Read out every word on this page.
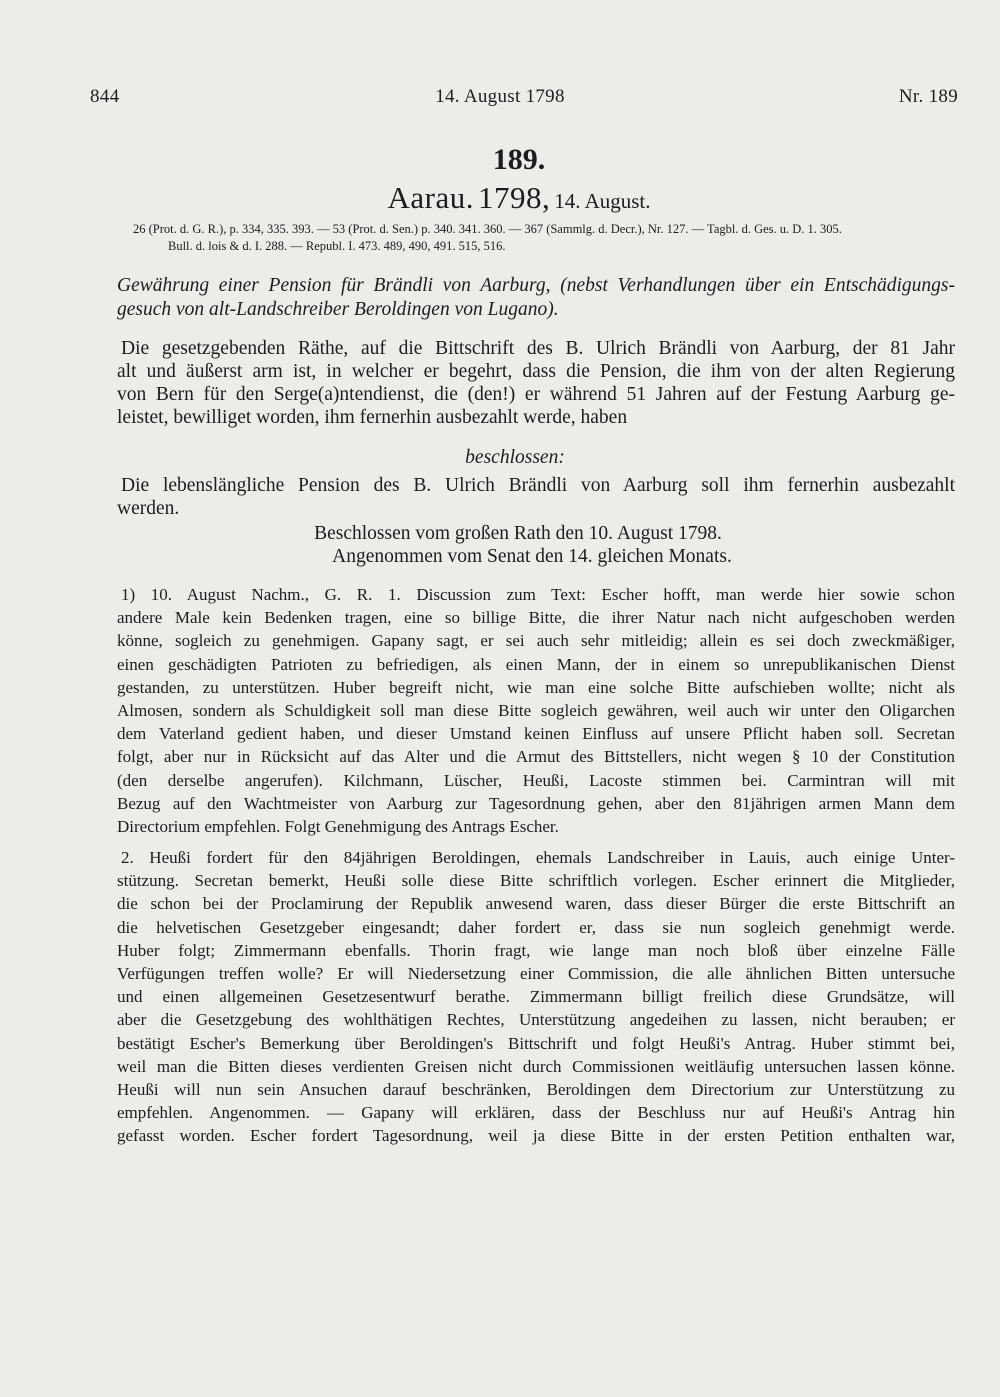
844	14. August 1798	Nr. 189
189.
Aarau. 1798, 14. August.
26 (Prot. d. G. R.), p. 334, 335. 393. — 53 (Prot. d. Sen.) p. 340. 341. 360. — 367 (Sammlg. d. Decr.), Nr. 127. — Tagbl. d. Ges. u. D. 1. 305.
Bull. d. lois & d. I. 288. — Republ. I. 473. 489, 490, 491. 515, 516.
Gewährung einer Pension für Brändli von Aarburg, (nebst Verhandlungen über ein Entschädigungs-
gesuch von alt-Landschreiber Beroldingen von Lugano).
Die gesetzgebenden Räthe, auf die Bittschrift des B. Ulrich Brändli von Aarburg, der 81 Jahr
alt und äußerst arm ist, in welcher er begehrt, dass die Pension, die ihm von der alten Regierung
von Bern für den Serge(a)ntendienst, die (den!) er während 51 Jahren auf der Festung Aarburg ge-
leistet, bewilliget worden, ihm fernerhin ausbezahlt werde, haben
beschlossen:
Die lebenslängliche Pension des B. Ulrich Brändli von Aarburg soll ihm fernerhin ausbezahlt
werden.
Beschlossen vom großen Rath den 10. August 1798.
Angenommen vom Senat den 14. gleichen Monats.
1) 10. August Nachm., G. R. 1. Discussion zum Text: Escher hofft, man werde hier sowie schon
andere Male kein Bedenken tragen, eine so billige Bitte, die ihrer Natur nach nicht aufgeschoben werden
könne, sogleich zu genehmigen. Gapany sagt, er sei auch sehr mitleidig; allein es sei doch zweckmäßiger,
einen geschädigten Patrioten zu befriedigen, als einen Mann, der in einem so unrepublikanischen Dienst
gestanden, zu unterstützen. Huber begreift nicht, wie man eine solche Bitte aufschieben wollte; nicht als
Almosen, sondern als Schuldigkeit soll man diese Bitte sogleich gewähren, weil auch wir unter den Oligarchen
dem Vaterland gedient haben, und dieser Umstand keinen Einfluss auf unsere Pflicht haben soll. Secretan
folgt, aber nur in Rücksicht auf das Alter und die Armut des Bittstellers, nicht wegen § 10 der Constitution
(den derselbe angerufen). Kilchmann, Lüscher, Heußi, Lacoste stimmen bei. Carmintran will mit
Bezug auf den Wachtmeister von Aarburg zur Tagesordnung gehen, aber den 81jährigen armen Mann dem
Directorium empfehlen. Folgt Genehmigung des Antrags Escher.
2. Heußi fordert für den 84jährigen Beroldingen, ehemals Landschreiber in Lauis, auch einige Unter-
stützung. Secretan bemerkt, Heußi solle diese Bitte schriftlich vorlegen. Escher erinnert die Mitglieder,
die schon bei der Proclamirung der Republik anwesend waren, dass dieser Bürger die erste Bittschrift an
die helvetischen Gesetzgeber eingesandt; daher fordert er, dass sie nun sogleich genehmigt werde.
Huber folgt; Zimmermann ebenfalls. Thorin fragt, wie lange man noch bloß über einzelne Fälle
Verfügungen treffen wolle? Er will Niedersetzung einer Commission, die alle ähnlichen Bitten untersuche
und einen allgemeinen Gesetzesentwurf berathe. Zimmermann billigt freilich diese Grundsätze, will
aber die Gesetzgebung des wohlthätigen Rechtes, Unterstützung angedeihen zu lassen, nicht berauben; er
bestätigt Escher's Bemerkung über Beroldingen's Bittschrift und folgt Heußi's Antrag. Huber stimmt bei,
weil man die Bitten dieses verdienten Greisen nicht durch Commissionen weitläufig untersuchen lassen könne.
Heußi will nun sein Ansuchen darauf beschränken, Beroldingen dem Directorium zur Unterstützung zu
empfehlen. Angenommen. — Gapany will erklären, dass der Beschluss nur auf Heußi's Antrag hin
gefasst worden. Escher fordert Tagesordnung, weil ja diese Bitte in der ersten Petition enthalten war,
